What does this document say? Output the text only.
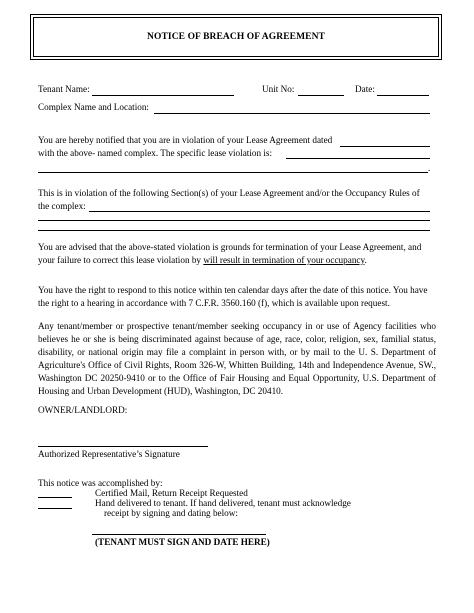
NOTICE OF BREACH OF AGREEMENT
Tenant Name:	Unit No:	Date:
Complex Name and Location:
You are hereby notified that you are in violation of your Lease Agreement dated
with the above- named complex. The specific lease violation is:
.
This is in violation of the following Section(s) of your Lease Agreement and/or the Occupancy Rules of
the complex:
You are advised that the above-stated violation is grounds for termination of your Lease Agreement, and
your failure to correct this lease violation by will result in termination of your occupancy.
You have the right to respond to this notice within ten calendar days after the date of this notice. You have
the right to a hearing in accordance with 7 C.F.R. 3560.160 (f), which is available upon request.
Any tenant/member or prospective tenant/member seeking occupancy in or use of Agency facilities who believes he or she is being discriminated against because of age, race, color, religion, sex, familial status, disability, or national origin may file a complaint in person with, or by mail to the U. S. Department of Agriculture's Office of Civil Rights, Room 326-W, Whitten Building, 14th and Independence Avenue, SW., Washington DC 20250-9410 or to the Office of Fair Housing and Equal Opportunity, U.S. Department of Housing and Urban Development (HUD), Washington, DC 20410.
OWNER/LANDLORD:
Authorized Representative’s Signature
This notice was accomplished by:
Certified Mail, Return Receipt Requested
Hand delivered to tenant. If hand delivered, tenant must acknowledge
receipt by signing and dating below:
(TENANT MUST SIGN AND DATE HERE)
